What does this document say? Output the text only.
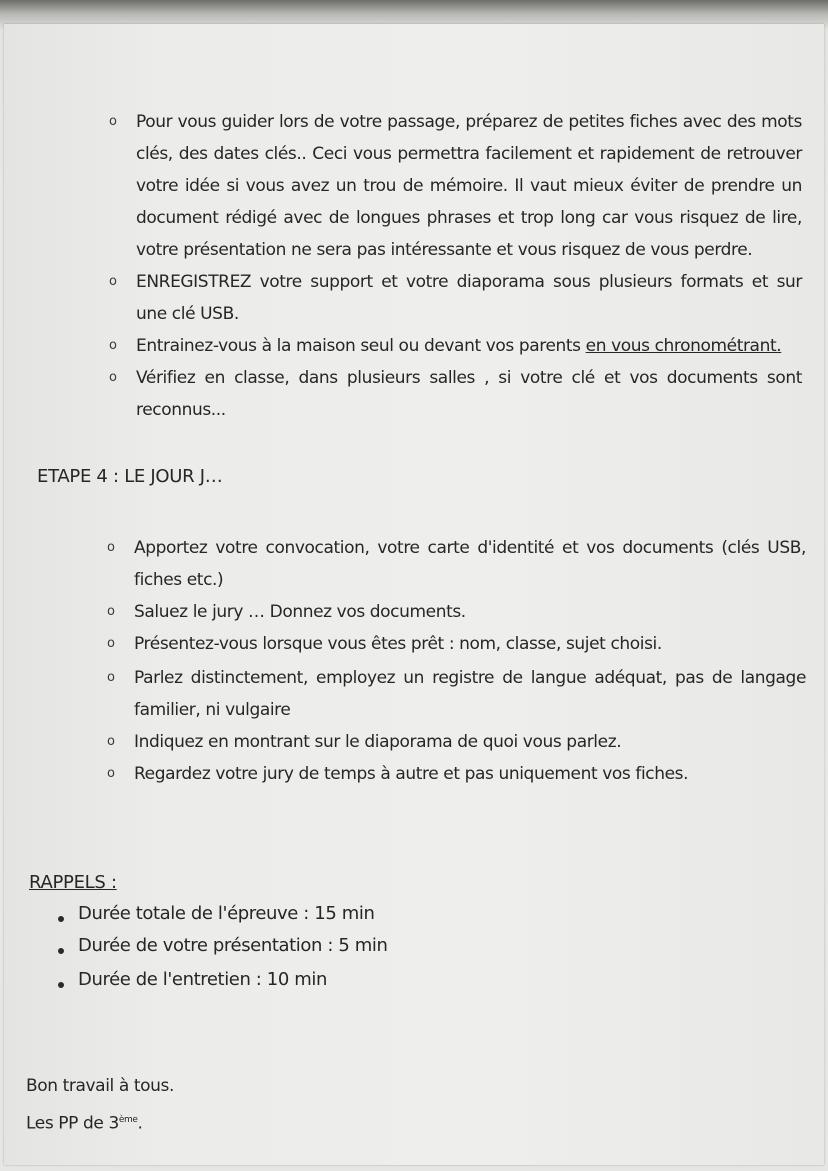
o Pour vous guider lors de votre passage, préparez de petites fiches avec des mots clés, des dates clés.. Ceci vous permettra facilement et rapidement de retrouver votre idée si vous avez un trou de mémoire. Il vaut mieux éviter de prendre un document rédigé avec de longues phrases et trop long car vous risquez de lire, votre présentation ne sera pas intéressante et vous risquez de vous perdre.
o ENREGISTREZ votre support et votre diaporama sous plusieurs formats et sur une clé USB.
o Entrainez-vous à la maison seul ou devant vos parents en vous chronométrant.
o Vérifiez en classe, dans plusieurs salles , si votre clé et vos documents sont reconnus...
ETAPE 4 : LE JOUR J…
o Apportez votre convocation, votre carte d'identité et vos documents (clés USB, fiches etc.)
o Saluez le jury … Donnez vos documents.
o Présentez-vous lorsque vous êtes prêt : nom, classe, sujet choisi.
o Parlez distinctement, employez un registre de langue adéquat, pas de langage familier, ni vulgaire
o Indiquez en montrant sur le diaporama de quoi vous parlez.
o Regardez votre jury de temps à autre et pas uniquement vos fiches.
RAPPELS :
Durée totale de l'épreuve : 15 min
Durée de votre présentation : 5 min
Durée de l'entretien : 10 min
Bon travail à tous.
Les PP de 3ème.
